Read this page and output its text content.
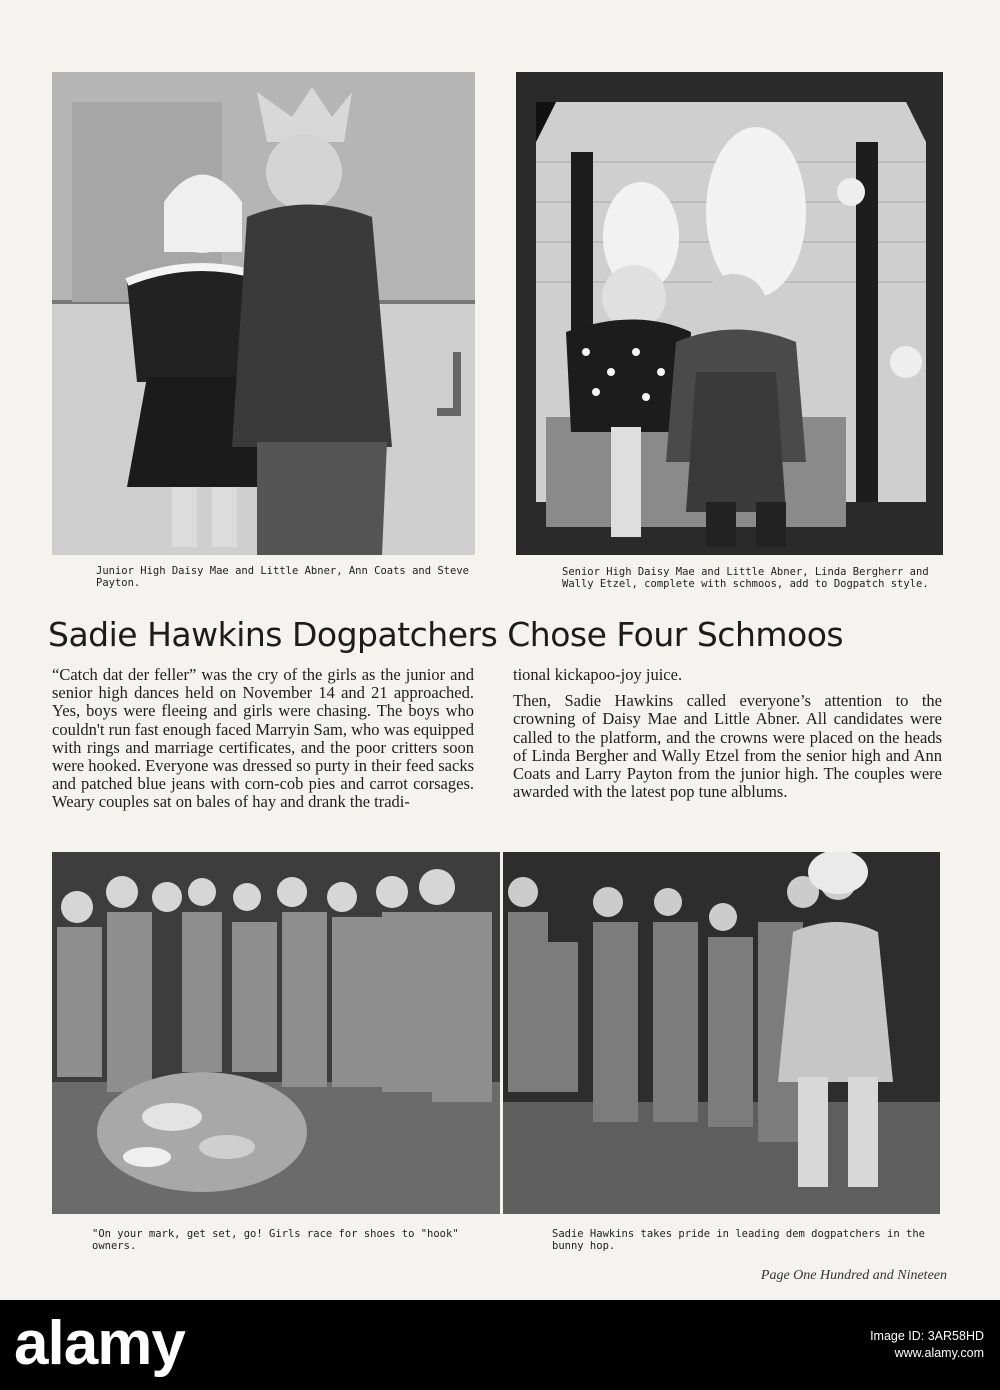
Junior High Daisy Mae and Little Abner, Ann Coats and Steve Payton.
Senior High Daisy Mae and Little Abner, Linda Bergherr and Wally Etzel, complete with schmoos, add to Dogpatch style.
Sadie Hawkins Dogpatchers Chose Four Schmoos

“Catch dat der feller” was the cry of the girls as the junior and senior high dances held on November 14 and 21 approached. Yes, boys were fleeing and girls were chasing. The boys who couldn't run fast enough faced Marryin Sam, who was equipped with rings and marriage certificates, and the poor critters soon were hooked. Everyone was dressed so purty in their feed sacks and patched blue jeans with corn-cob pies and carrot corsages. Weary couples sat on bales of hay and drank the tradi-

tional kickapoo-joy juice.

Then, Sadie Hawkins called everyone’s attention to the crowning of Daisy Mae and Little Abner. All candidates were called to the platform, and the crowns were placed on the heads of Linda Bergher and Wally Etzel from the senior high and Ann Coats and Larry Payton from the junior high. The couples were awarded with the latest pop tune alblums.

"On your mark, get set, go! Girls race for shoes to "hook" owners.
Sadie Hawkins takes pride in leading dem dogpatchers in the bunny hop.
Page One Hundred and Nineteen
alamy	Image ID: 3AR58HD
www.alamy.com
